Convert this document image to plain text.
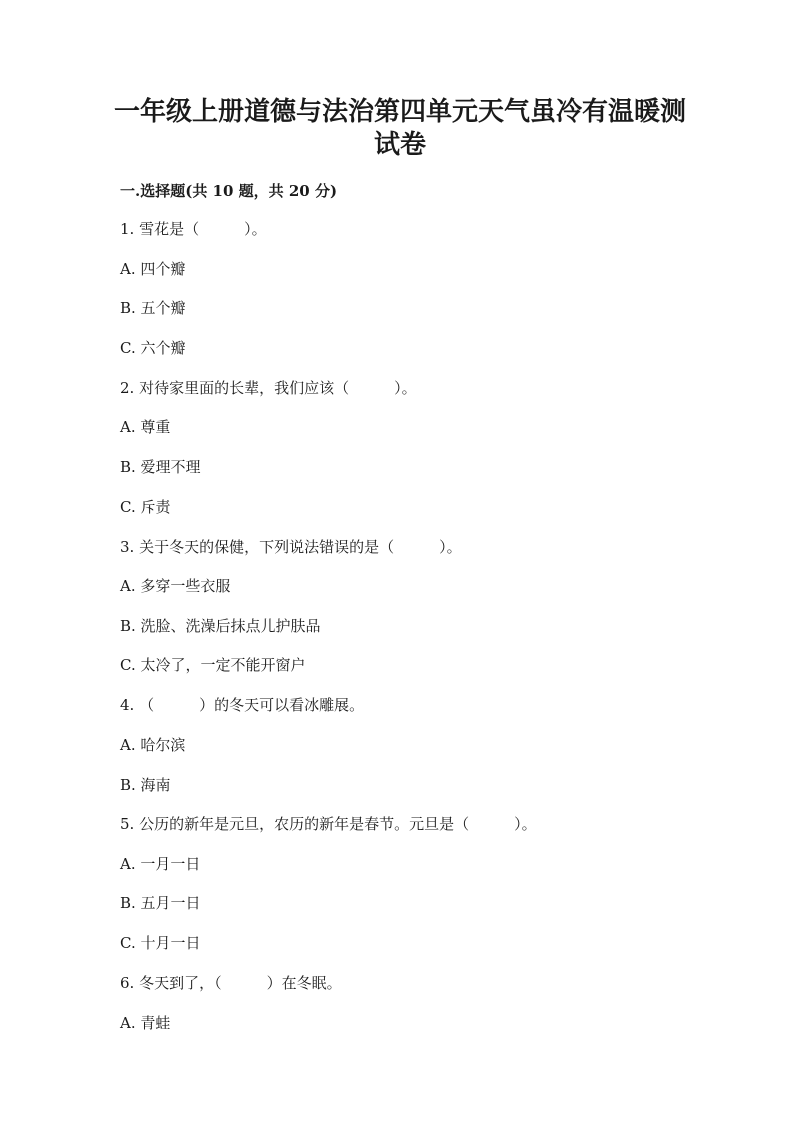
一年级上册道德与法治第四单元天气虽冷有温暖测
试卷
一.选择题(共 10 题，共 20 分)

1. 雪花是（　　　）。

A. 四个瓣

B. 五个瓣

C. 六个瓣

2. 对待家里面的长辈，我们应该（　　　）。

A. 尊重

B. 爱理不理

C. 斥责

3. 关于冬天的保健，下列说法错误的是（　　　）。

A. 多穿一些衣服

B. 洗脸、洗澡后抹点儿护肤品

C. 太冷了，一定不能开窗户

4. （　　　）的冬天可以看冰雕展。

A. 哈尔滨

B. 海南

5. 公历的新年是元旦，农历的新年是春节。元旦是（　　　）。

A. 一月一日

B. 五月一日

C. 十月一日

6. 冬天到了，（　　　）在冬眠。

A. 青蛙
